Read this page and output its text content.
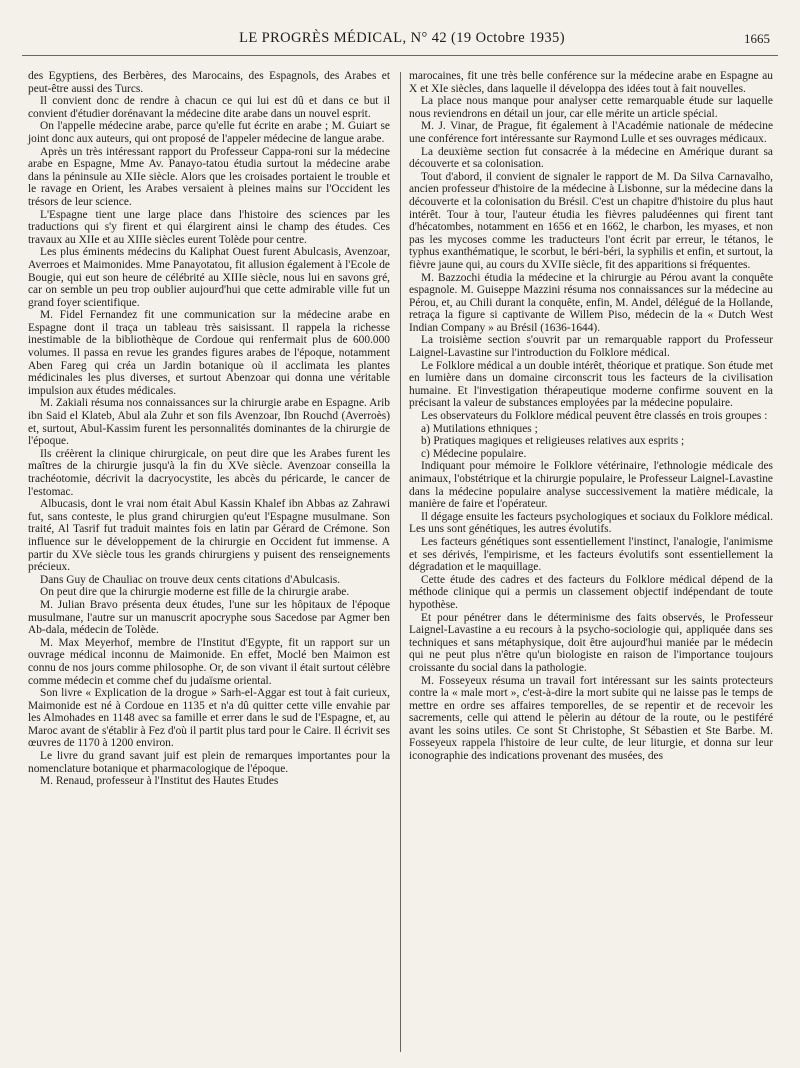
LE PROGRÈS MÉDICAL, N° 42 (19 Octobre 1935)	1665

des Egyptiens, des Berbères, des Marocains, des Espagnols, des Arabes et peut-être aussi des Turcs.

Il convient donc de rendre à chacun ce qui lui est dû et dans ce but il convient d'étudier dorénavant la médecine dite arabe dans un nouvel esprit.

On l'appelle médecine arabe, parce qu'elle fut écrite en arabe ; M. Guiart se joint donc aux auteurs, qui ont proposé de l'appeler médecine de langue arabe.

Après un très intéressant rapport du Professeur Cappa-roni sur la médecine arabe en Espagne, Mme Av. Panayo-tatou étudia surtout la médecine arabe dans la péninsule au XIIe siècle. Alors que les croisades portaient le trouble et le ravage en Orient, les Arabes versaient à pleines mains sur l'Occident les trésors de leur science.

L'Espagne tient une large place dans l'histoire des sciences par les traductions qui s'y firent et qui élargirent ainsi le champ des études. Ces travaux au XIIe et au XIIIe siècles eurent Tolède pour centre.

Les plus éminents médecins du Kaliphat Ouest furent Abulcasis, Avenzoar, Averroes et Maimonides. Mme Panayotatou, fit allusion également à l'Ecole de Bougie, qui eut son heure de célébrité au XIIIe siècle, nous lui en savons gré, car on semble un peu trop oublier aujourd'hui que cette admirable ville fut un grand foyer scientifique.

M. Fidel Fernandez fit une communication sur la médecine arabe en Espagne dont il traça un tableau très saisissant. Il rappela la richesse inestimable de la bibliothèque de Cordoue qui renfermait plus de 600.000 volumes. Il passa en revue les grandes figures arabes de l'époque, notamment Aben Fareg qui créa un Jardin botanique où il acclimata les plantes médicinales les plus diverses, et surtout Abenzoar qui donna une véritable impulsion aux études médicales.

M. Zakiali résuma nos connaissances sur la chirurgie arabe en Espagne. Arib ibn Said el Klateb, Abul ala Zuhr et son fils Avenzoar, Ibn Rouchd (Averroès) et, surtout, Abul-Kassim furent les personnalités dominantes de la chirurgie de l'époque.

Ils créèrent la clinique chirurgicale, on peut dire que les Arabes furent les maîtres de la chirurgie jusqu'à la fin du XVe siècle. Avenzoar conseilla la trachéotomie, décrivit la dacryocystite, les abcès du péricarde, le cancer de l'estomac.

Albucasis, dont le vrai nom était Abul Kassin Khalef ibn Abbas az Zahrawi fut, sans conteste, le plus grand chirurgien qu'eut l'Espagne musulmane. Son traité, Al Tasrif fut traduit maintes fois en latin par Gérard de Crémone. Son influence sur le développement de la chirurgie en Occident fut immense. A partir du XVe siècle tous les grands chirurgiens y puisent des renseignements précieux.

Dans Guy de Chauliac on trouve deux cents citations d'Abulcasis.

On peut dire que la chirurgie moderne est fille de la chirurgie arabe.

M. Julian Bravo présenta deux études, l'une sur les hôpitaux de l'époque musulmane, l'autre sur un manuscrit apocryphe sous Sacedose par Agmer ben Ab-dala, médecin de Tolède.

M. Max Meyerhof, membre de l'Institut d'Egypte, fit un rapport sur un ouvrage médical inconnu de Maimonide. En effet, Moclé ben Maimon est connu de nos jours comme philosophe. Or, de son vivant il était surtout célèbre comme médecin et comme chef du judaïsme oriental.

Son livre « Explication de la drogue » Sarh-el-Aggar est tout à fait curieux, Maimonide est né à Cordoue en 1135 et n'a dû quitter cette ville envahie par les Almohades en 1148 avec sa famille et errer dans le sud de l'Espagne, et, au Maroc avant de s'établir à Fez d'où il partit plus tard pour le Caire. Il écrivit ses œuvres de 1170 à 1200 environ.

Le livre du grand savant juif est plein de remarques importantes pour la nomenclature botanique et pharmacologique de l'époque.

M. Renaud, professeur à l'Institut des Hautes Etudes

marocaines, fit une très belle conférence sur la médecine arabe en Espagne au X et XIe siècles, dans laquelle il développa des idées tout à fait nouvelles.

La place nous manque pour analyser cette remarquable étude sur laquelle nous reviendrons en détail un jour, car elle mérite un article spécial.

M. J. Vinar, de Prague, fit également à l'Académie nationale de médecine une conférence fort intéressante sur Raymond Lulle et ses ouvrages médicaux.

La deuxième section fut consacrée à la médecine en Amérique durant sa découverte et sa colonisation.

Tout d'abord, il convient de signaler le rapport de M. Da Silva Carnavalho, ancien professeur d'histoire de la médecine à Lisbonne, sur la médecine dans la découverte et la colonisation du Brésil. C'est un chapitre d'histoire du plus haut intérêt. Tour à tour, l'auteur étudia les fièvres paludéennes qui firent tant d'hécatombes, notamment en 1656 et en 1662, le charbon, les myases, et non pas les mycoses comme les traducteurs l'ont écrit par erreur, le tétanos, le typhus exanthématique, le scorbut, le béri-béri, la syphilis et enfin, et surtout, la fièvre jaune qui, au cours du XVIIe siècle, fit des apparitions si fréquentes.

M. Bazzochi étudia la médecine et la chirurgie au Pérou avant la conquête espagnole. M. Guiseppe Mazzini résuma nos connaissances sur la médecine au Pérou, et, au Chili durant la conquête, enfin, M. Andel, délégué de la Hollande, retraça la figure si captivante de Willem Piso, médecin de la « Dutch West Indian Company » au Brésil (1636-1644).

La troisième section s'ouvrit par un remarquable rapport du Professeur Laignel-Lavastine sur l'introduction du Folklore médical.

Le Folklore médical a un double intérêt, théorique et pratique. Son étude met en lumière dans un domaine circonscrit tous les facteurs de la civilisation humaine. Et l'investigation thérapeutique moderne confirme souvent en la précisant la valeur de substances employées par la médecine populaire.

Les observateurs du Folklore médical peuvent être classés en trois groupes :

a) Mutilations ethniques ;
b) Pratiques magiques et religieuses relatives aux esprits ;
c) Médecine populaire.

Indiquant pour mémoire le Folklore vétérinaire, l'ethnologie médicale des animaux, l'obstétrique et la chirurgie populaire, le Professeur Laignel-Lavastine dans la médecine populaire analyse successivement la matière médicale, la manière de faire et l'opérateur.

Il dégage ensuite les facteurs psychologiques et sociaux du Folklore médical. Les uns sont génétiques, les autres évolutifs.

Les facteurs génétiques sont essentiellement l'instinct, l'analogie, l'animisme et ses dérivés, l'empirisme, et les facteurs évolutifs sont essentiellement la dégradation et le maquillage.

Cette étude des cadres et des facteurs du Folklore médical dépend de la méthode clinique qui a permis un classement objectif indépendant de toute hypothèse.

Et pour pénétrer dans le déterminisme des faits observés, le Professeur Laignel-Lavastine a eu recours à la psycho-sociologie qui, appliquée dans ses techniques et sans métaphysique, doit être aujourd'hui maniée par le médecin qui ne peut plus n'être qu'un biologiste en raison de l'importance toujours croissante du social dans la pathologie.

M. Fosseyeux résuma un travail fort intéressant sur les saints protecteurs contre la « male mort », c'est-à-dire la mort subite qui ne laisse pas le temps de mettre en ordre ses affaires temporelles, de se repentir et de recevoir les sacrements, celle qui attend le pèlerin au détour de la route, ou le pestiféré avant les soins utiles. Ce sont St Christophe, St Sébastien et Ste Barbe. M. Fosseyeux rappela l'histoire de leur culte, de leur liturgie, et donna sur leur iconographie des indications provenant des musées, des
